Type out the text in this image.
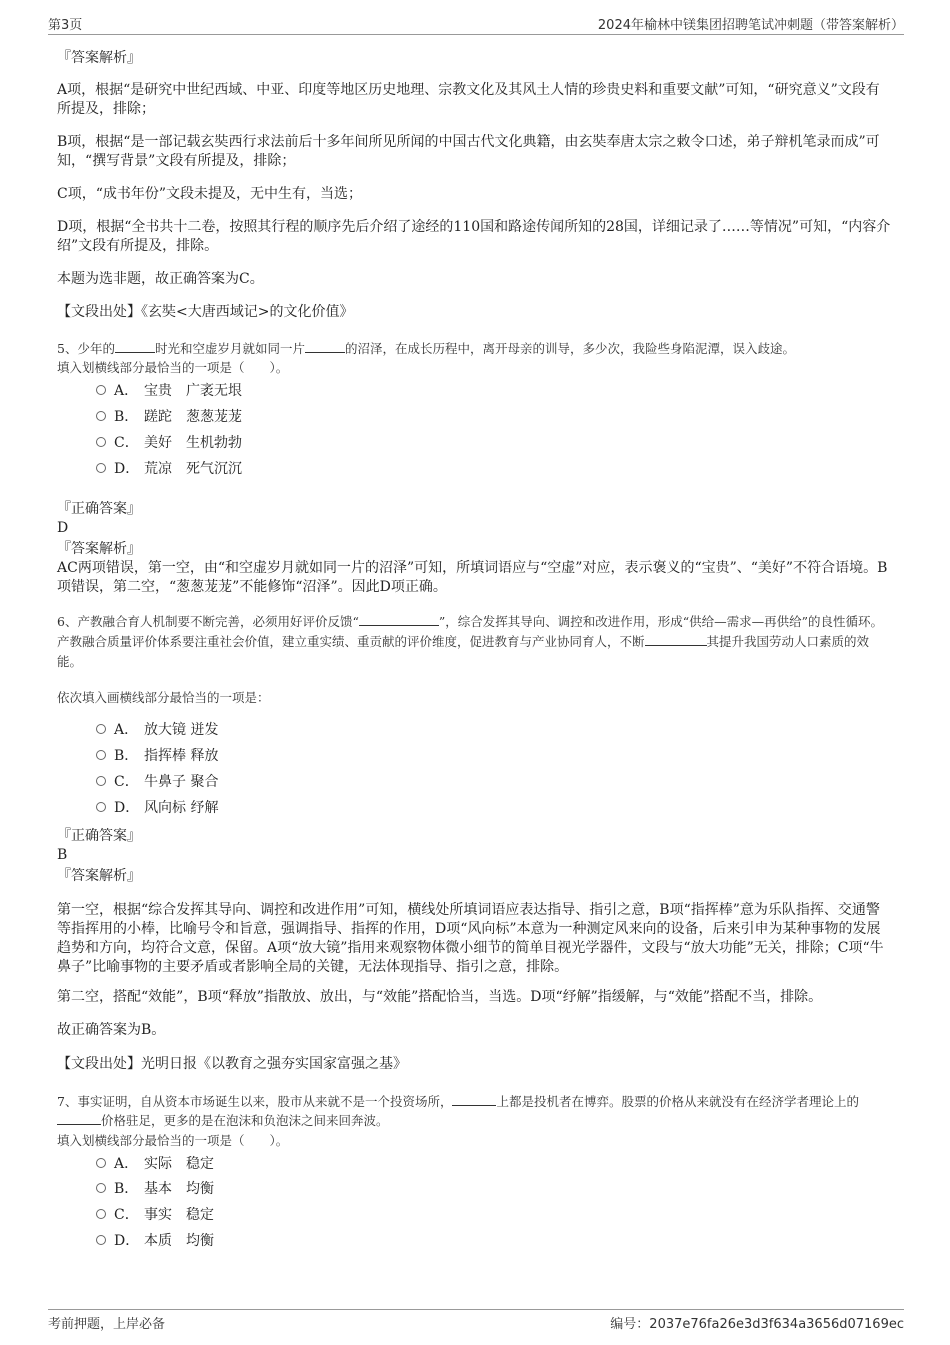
第3页	2024年榆林中镁集团招聘笔试冲刺题（带答案解析）
『答案解析』
A项，根据“是研究中世纪西域、中亚、印度等地区历史地理、宗教文化及其风土人情的珍贵史料和重要文献”可知，“研究意义”文段有所提及，排除；
B项，根据“是一部记载玄奘西行求法前后十多年间所见所闻的中国古代文化典籍，由玄奘奉唐太宗之敕令口述，弟子辩机笔录而成”可知，“撰写背景”文段有所提及，排除；
C项，“成书年份”文段未提及，无中生有，当选；
D项，根据“全书共十二卷，按照其行程的顺序先后介绍了途经的110国和路途传闻所知的28国，详细记录了……等情况”可知，“内容介绍”文段有所提及，排除。
本题为选非题，故正确答案为C。
【文段出处】《玄奘<大唐西域记>的文化价值》
5、少年的	时光和空虚岁月就如同一片	的沼泽，在成长历程中，离开母亲的训导，多少次，我险些身陷泥潭，误入歧途。
填入划横线部分最恰当的一项是（　　）。
A． 宝贵　广袤无垠
B． 蹉跎　葱葱茏茏
C． 美好　生机勃勃
D． 荒凉　死气沉沉
『正确答案』
D
『答案解析』
AC两项错误，第一空，由“和空虚岁月就如同一片的沼泽”可知，所填词语应与“空虚”对应，表示褒义的“宝贵”、“美好”不符合语境。B项错误，第二空，“葱葱茏茏”不能修饰“沼泽”。因此D项正确。
6、产教融合育人机制要不断完善，必须用好评价反馈“	”，综合发挥其导向、调控和改进作用，形成“供给—需求—再供给”的良性循环。产教融合质量评价体系要注重社会价值，建立重实绩、重贡献的评价维度，促进教育与产业协同育人，不断	其提升我国劳动人口素质的效能。
依次填入画横线部分最恰当的一项是：
A． 放大镜 迸发
B． 指挥棒 释放
C． 牛鼻子 聚合
D． 风向标 纾解
『正确答案』
B
『答案解析』
第一空，根据“综合发挥其导向、调控和改进作用”可知，横线处所填词语应表达指导、指引之意，B项“指挥棒”意为乐队指挥、交通警等指挥用的小棒，比喻号令和旨意，强调指导、指挥的作用，D项“风向标”本意为一种测定风来向的设备，后来引申为某种事物的发展趋势和方向，均符合文意，保留。A项“放大镜”指用来观察物体微小细节的简单目视光学器件，文段与“放大功能”无关，排除；C项“牛鼻子”比喻事物的主要矛盾或者影响全局的关键，无法体现指导、指引之意，排除。
第二空，搭配“效能”，B项“释放”指散放、放出，与“效能”搭配恰当，当选。D项“纾解”指缓解，与“效能”搭配不当，排除。
故正确答案为B。
【文段出处】光明日报《以教育之强夯实国家富强之基》
7、事实证明，自从资本市场诞生以来，股市从来就不是一个投资场所，	上都是投机者在博弈。股票的价格从来就没有在经济学者理论上的价格驻足，更多的是在泡沫和负泡沫之间来回奔波。
填入划横线部分最恰当的一项是（　　）。
A． 实际　稳定
B． 基本　均衡
C． 事实　稳定
D． 本质　均衡
考前押题，上岸必备	编号：2037e76fa26e3d3f634a3656d07169ec
